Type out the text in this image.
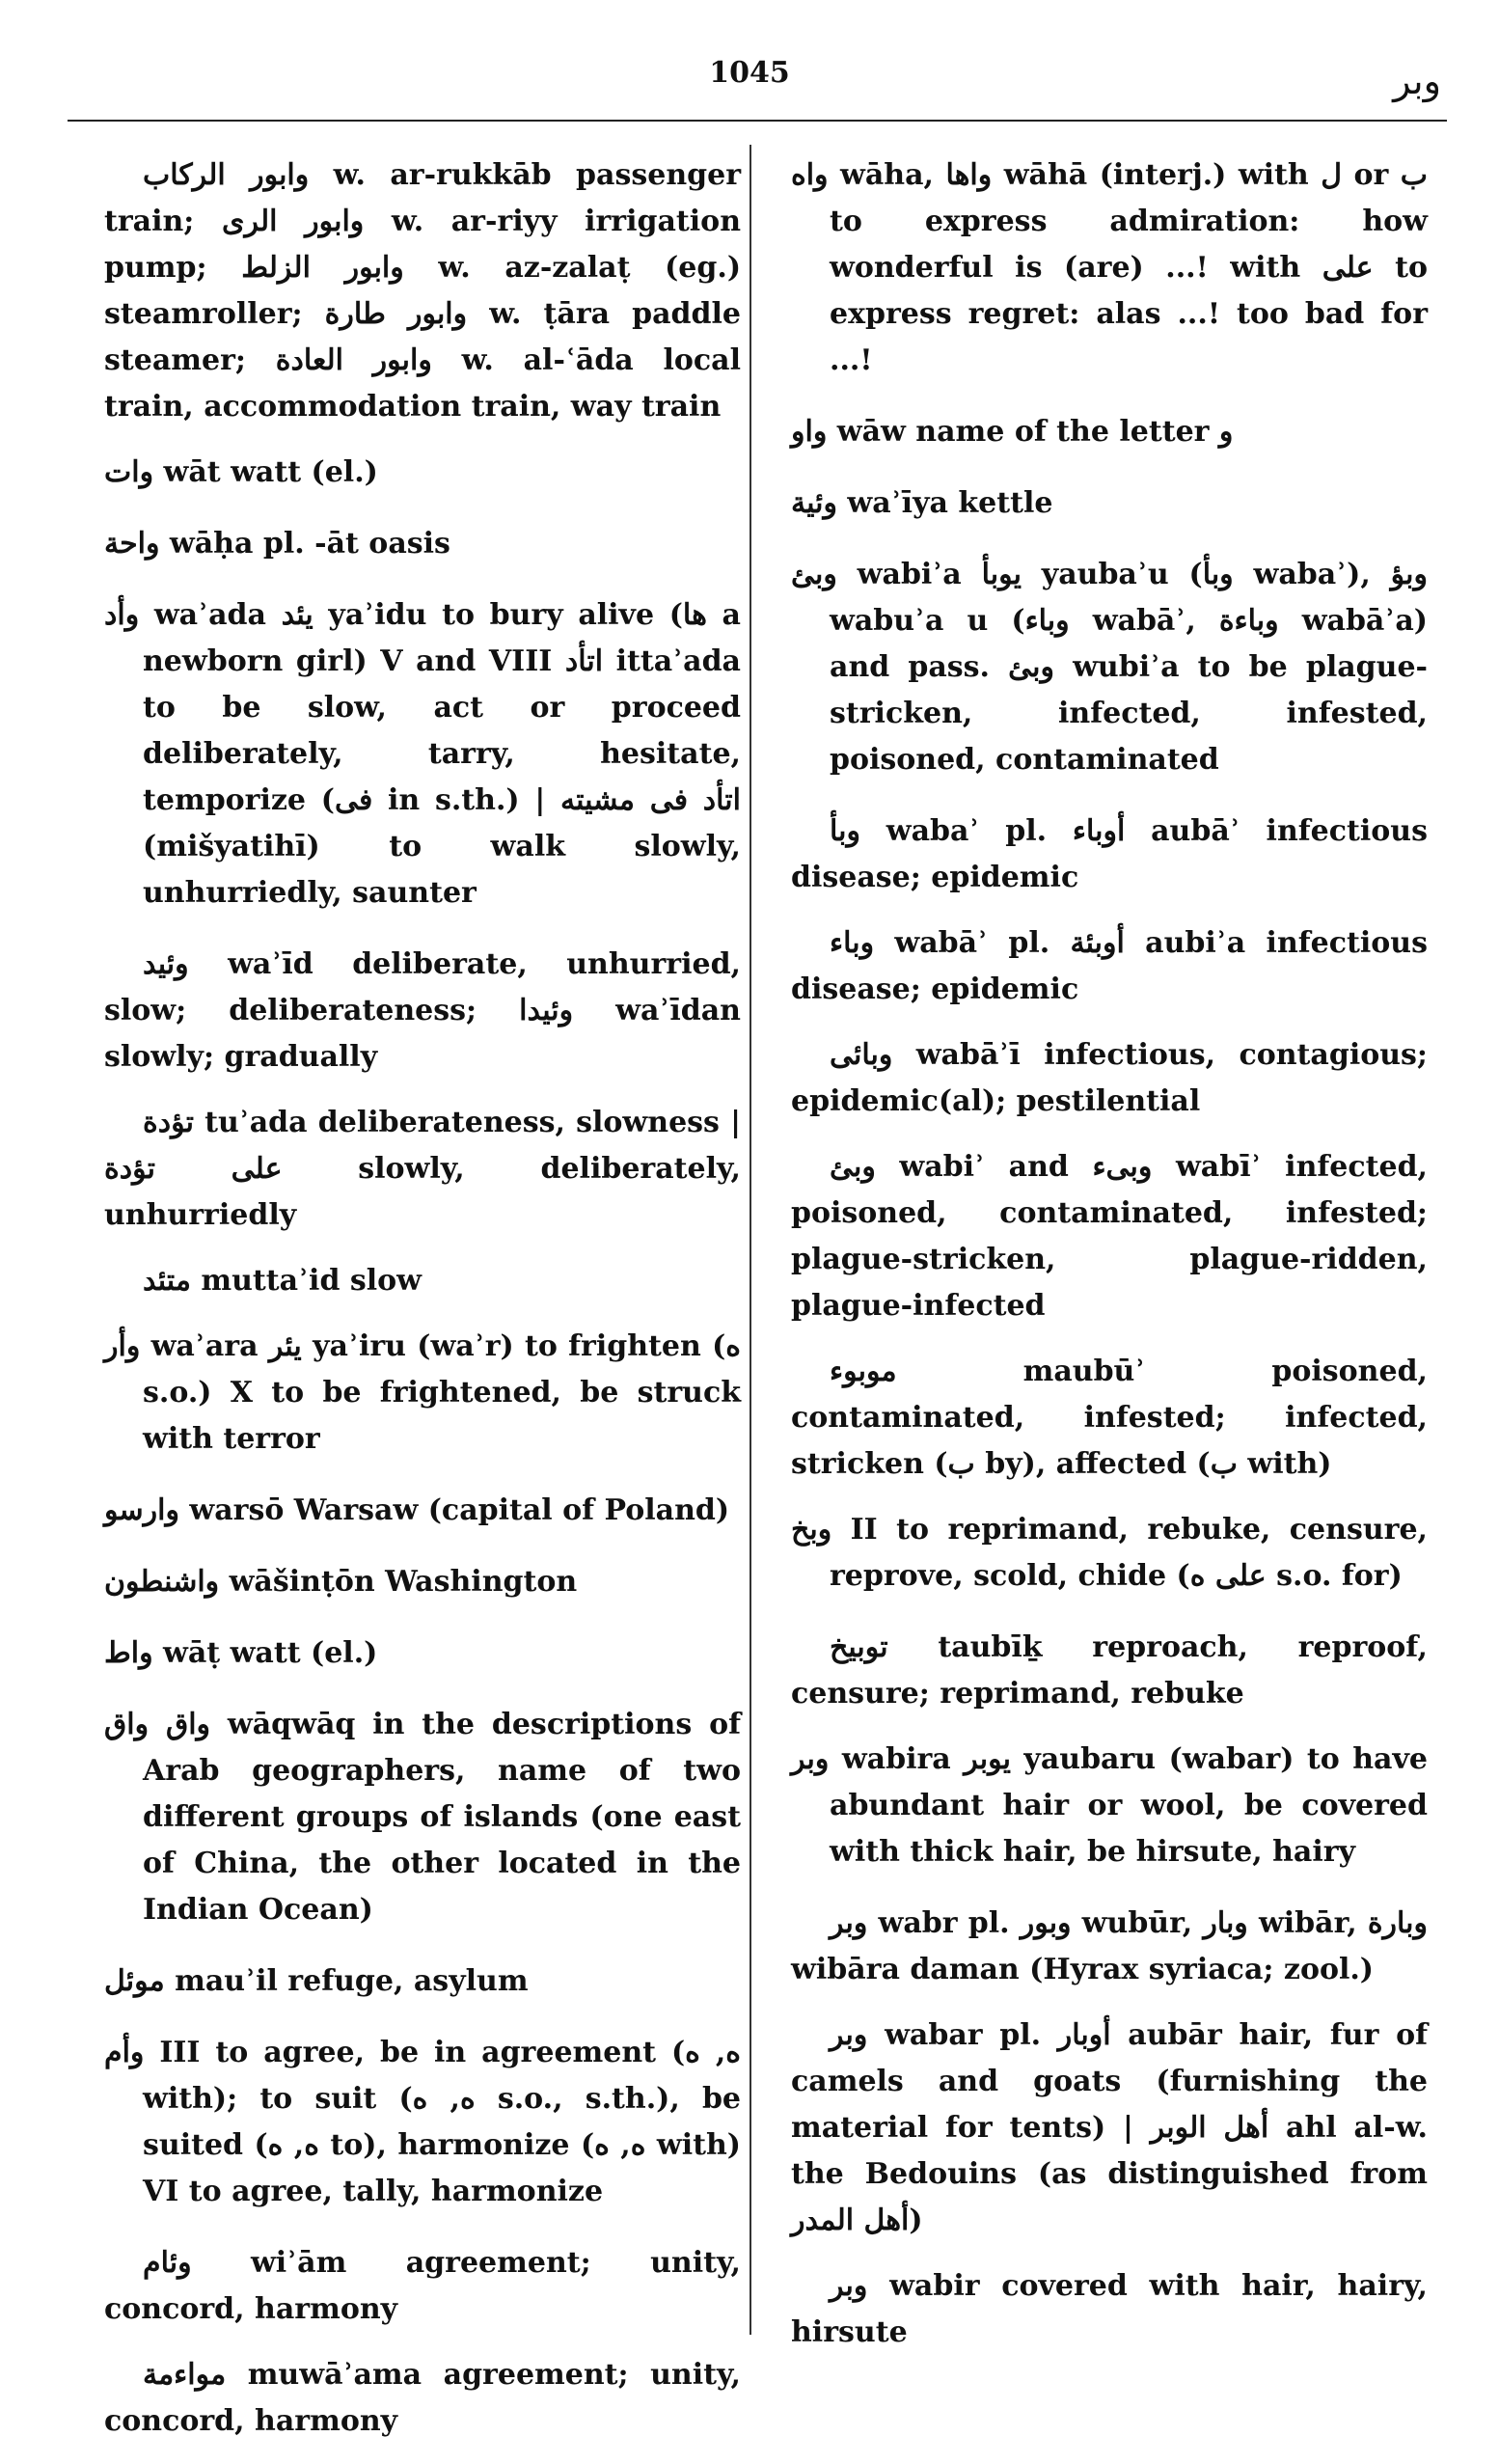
1045	وبر
وابور الركاب w. ar-rukkāb passenger train; وابور الرى w. ar-riyy irrigation pump; وابور الزلط w. az-zalaṭ (eg.) steamroller; وابور طارة w. ṭāra paddle steamer; وابور العادة w. al-ʿāda local train, accommodation train, way train
وات wāt watt (el.)
واحة wāḥa pl. -āt oasis
وأد waʾada يئد yaʾidu to bury alive (ها a newborn girl) V and VIII اتأد ittaʾada to be slow, act or proceed deliberately, tarry, hesitate, temporize (فى in s.th.) | اتأد فى مشيته (mišyatihī) to walk slowly, unhurriedly, saunter
وئيد waʾīd deliberate, unhurried, slow; deliberateness; وئيدا waʾīdan slowly; gradually
تؤدة tuʾada deliberateness, slowness | على تؤدة slowly, deliberately, unhurriedly
متئد muttaʾid slow
وأر waʾara يئر yaʾiru (waʾr) to frighten (ه s.o.) X to be frightened, be struck with terror
وارسو warsō Warsaw (capital of Poland)
واشنطون wāšinṭōn Washington
واط wāṭ watt (el.)
واق واق wāqwāq in the descriptions of Arab geographers, name of two different groups of islands (one east of China, the other located in the Indian Ocean)
موئل mauʾil refuge, asylum
وأم III to agree, be in agreement (ه, ه with); to suit (ه, ه s.o., s.th.), be suited (ه, ه to), harmonize (ه, ه with) VI to agree, tally, harmonize
وئام wiʾām agreement; unity, concord, harmony
مواءمة muwāʾama agreement; unity, concord, harmony
واه wāha, واها wāhā (interj.) with ل or ب to express admiration: how wonderful is (are) ...! with على to express regret: alas ...! too bad for ...!
واو wāw name of the letter و
وئية waʾīya kettle
وبئ wabiʾa يوبأ yaubaʾu (وبأ wabaʾ), وبؤ wabuʾa u (وباء wabāʾ, وباءة wabāʾa) and pass. وبئ wubiʾa to be plague-stricken, infected, infested, poisoned, contaminated
وبأ wabaʾ pl. أوباء aubāʾ infectious disease; epidemic
وباء wabāʾ pl. أوبئة aubiʾa infectious disease; epidemic
وبائى wabāʾī infectious, contagious; epidemic(al); pestilential
وبئ wabiʾ and وبىء wabīʾ infected, poisoned, contaminated, infested; plague-stricken, plague-ridden, plague-infected
موبوء maubūʾ poisoned, contaminated, infested; infected, stricken (ب by), affected (ب with)
وبخ II to reprimand, rebuke, censure, reprove, scold, chide (على ه s.o. for)
توبيخ taubīḵ reproach, reproof, censure; reprimand, rebuke
وبر wabira يوبر yaubaru (wabar) to have abundant hair or wool, be covered with thick hair, be hirsute, hairy
وبر wabr pl. وبور wubūr, وبار wibār, وبارة wibāra daman (Hyrax syriaca; zool.)
وبر wabar pl. أوبار aubār hair, fur of camels and goats (furnishing the material for tents) | أهل الوبر ahl al-w. the Bedouins (as distinguished from أهل المدر)
وبر wabir covered with hair, hairy, hirsute
